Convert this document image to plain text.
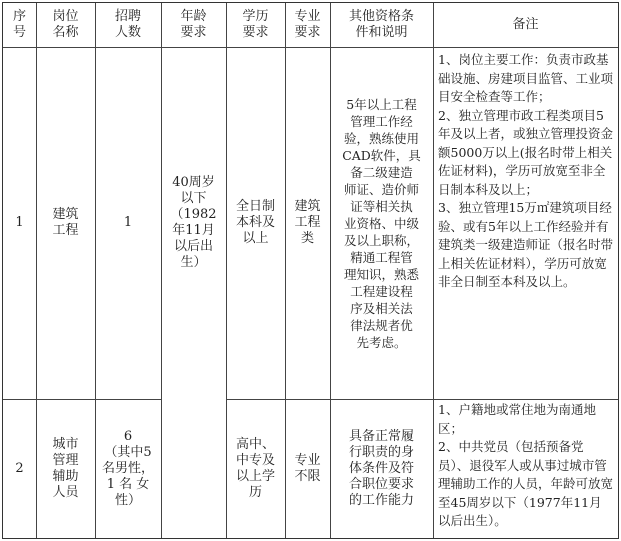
序
号
岗位
名称
招聘
人数
年龄
要求
学历
要求
专业
要求
其他资格条
件和说明
备注
1
建筑
工程
1
全日制
本科及
以上
建筑
工程
类
5年以上工程
管理工作经
验，熟练使用
CAD软件，具
备二级建造
师证、造价师
证等相关执
业资格、中级
及以上职称，
精通工程管
理知识，熟悉
工程建设程
序及相关法
律法规者优
先考虑。

1、岗位主要工作：负责市政基础设施、房建项目监管、工业项目安全检查等工作；

2、独立管理市政工程类项目5年及以上者，或独立管理投资金额5000万以上(报名时带上相关佐证材料)，学历可放宽至非全日制本科及以上；

3、独立管理15万㎡建筑项目经验、或有5年以上工作经验并有建筑类一级建造师证（报名时带上相关佐证材料），学历可放宽非全日制至本科及以上。

40周岁
以下
（1982
年11月
以后出
生）
2
城市
管理
辅助
人员
6
（其中5
名男性，
1 名 女
性）
高中、
中专及
以上学
历
专业
不限
具备正常履
行职责的身
体条件及符
合职位要求
的工作能力

1、户籍地或常住地为南通地区；

2、中共党员（包括预备党员）、退役军人或从事过城市管理辅助工作的人员，年龄可放宽至45周岁以下（1977年11月以后出生）。
